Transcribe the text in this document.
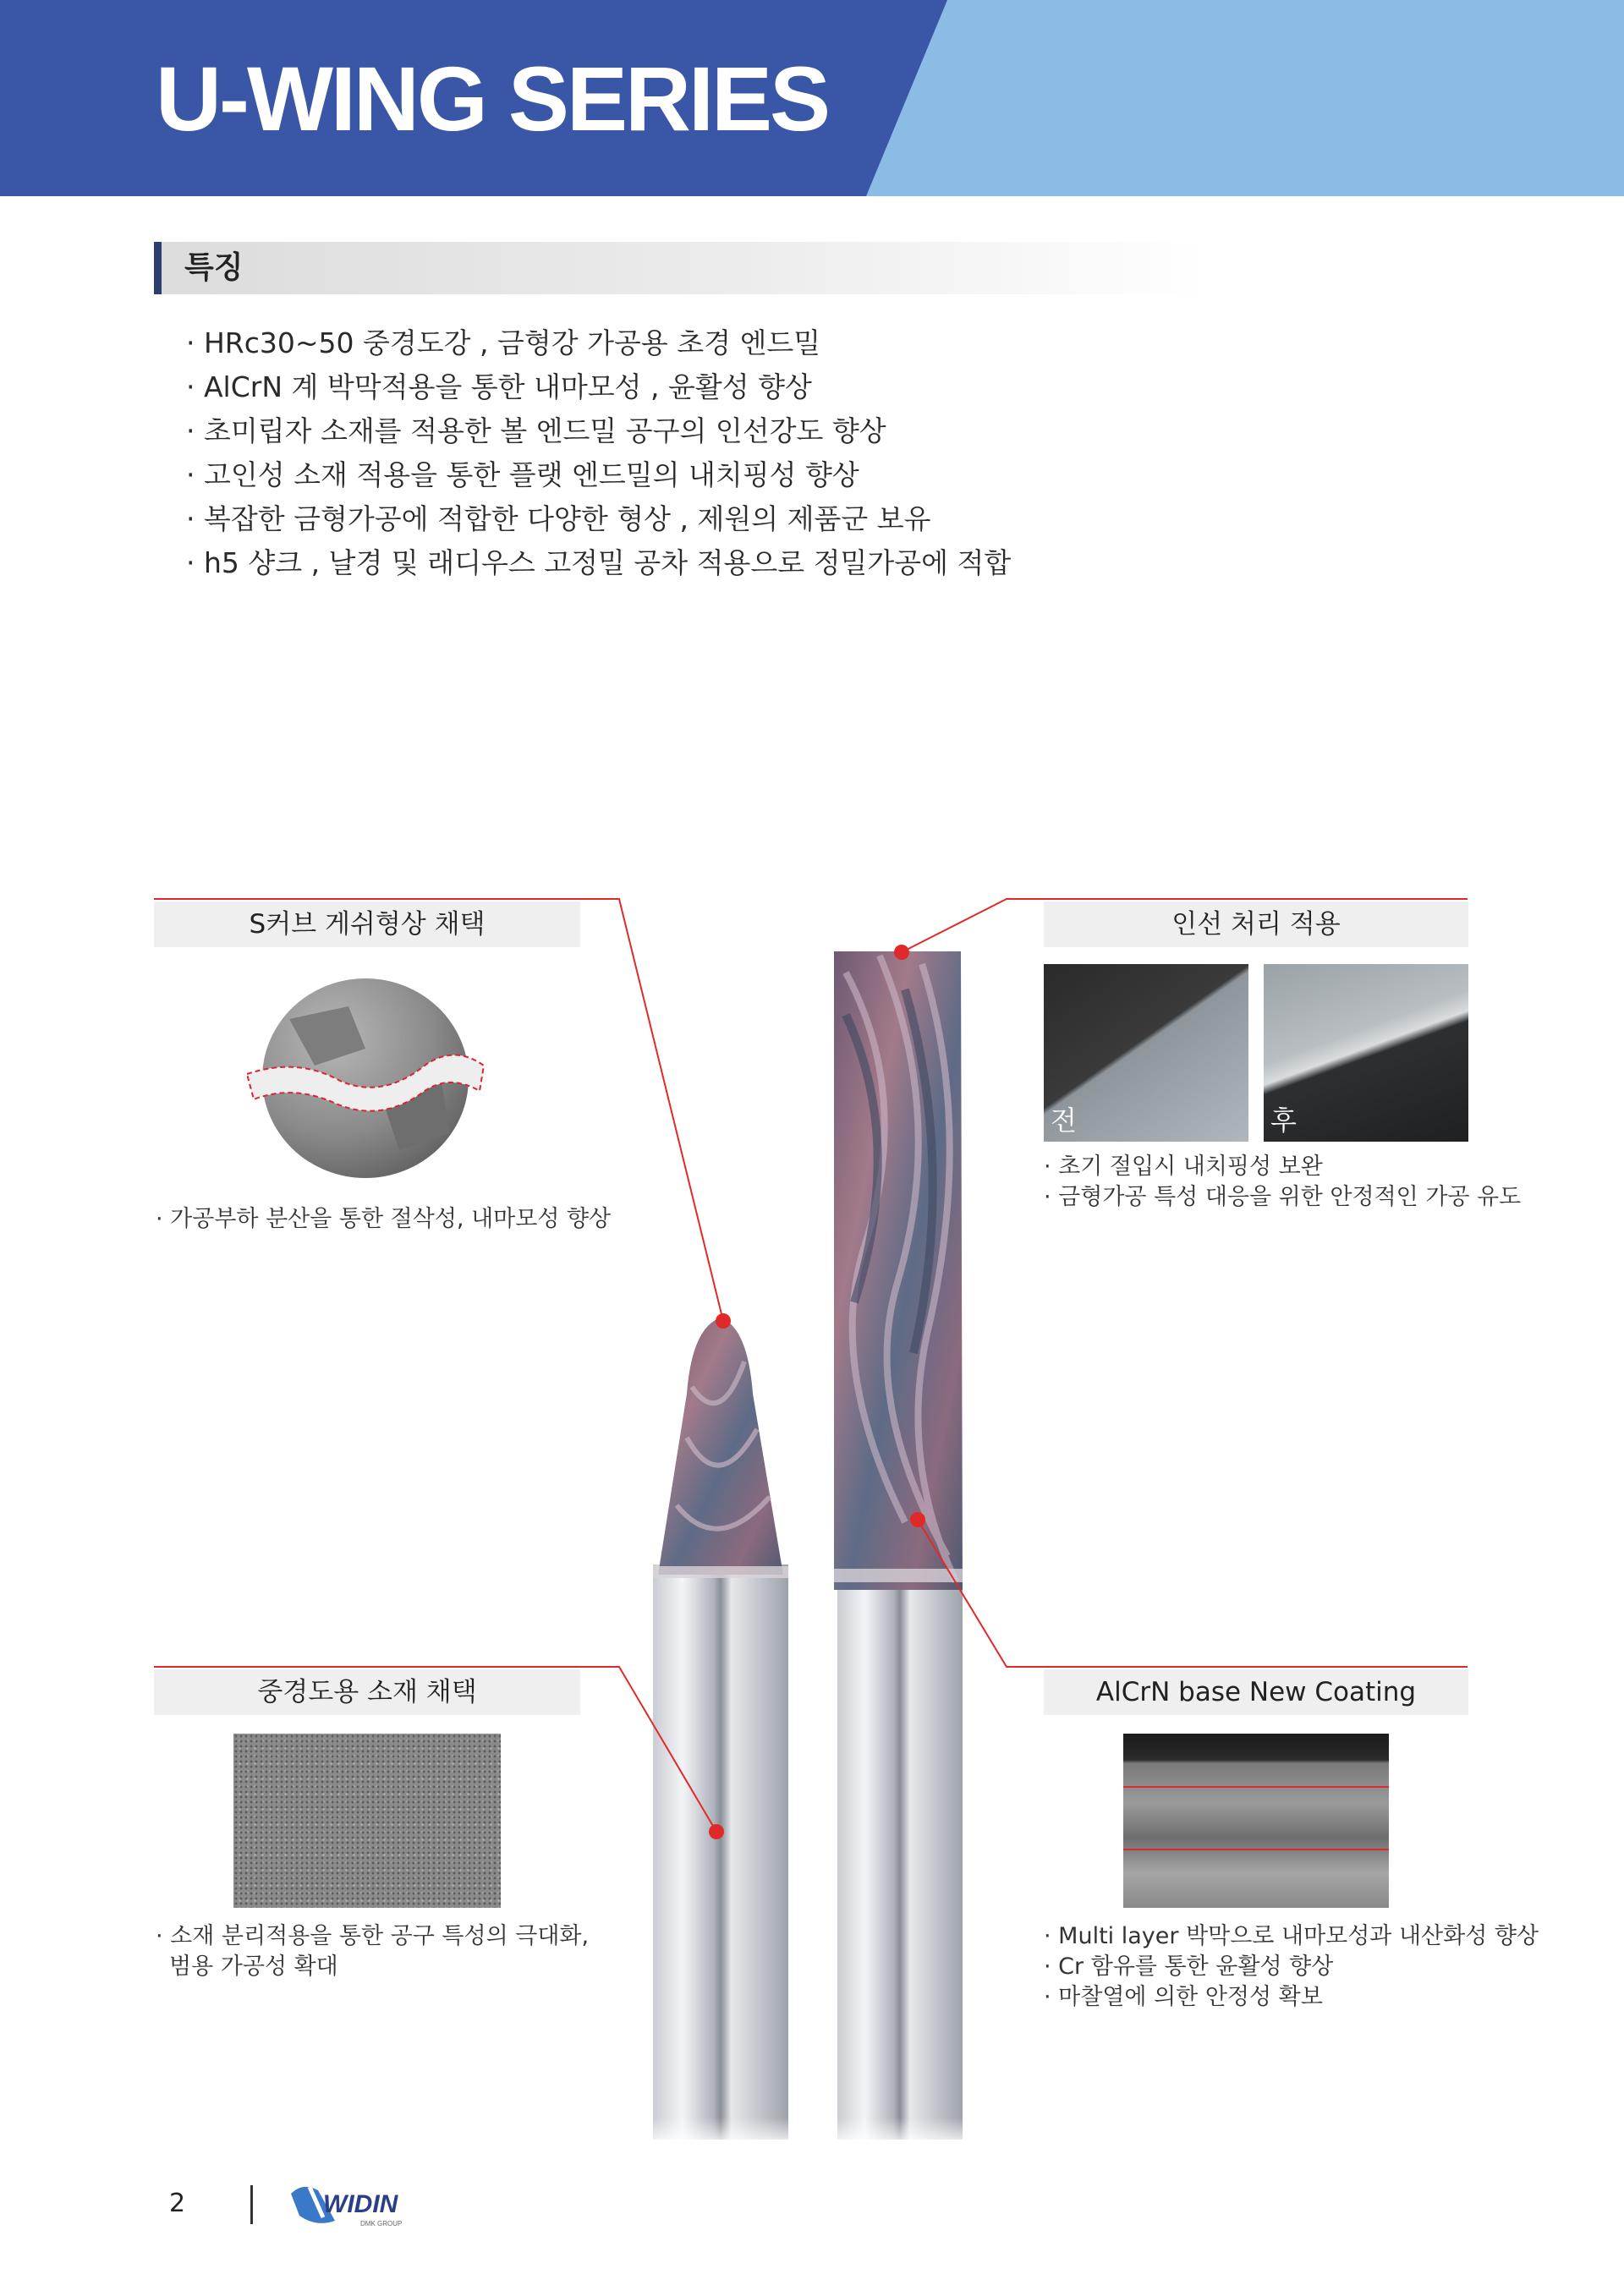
U-WING SERIES
특징
· HRc30~50 중경도강 , 금형강 가공용 초경 엔드밀
· AlCrN 계 박막적용을 통한 내마모성 , 윤활성 향상
· 초미립자 소재를 적용한 볼 엔드밀 공구의 인선강도 향상
· 고인성 소재 적용을 통한 플랫 엔드밀의 내치핑성 향상
· 복잡한 금형가공에 적합한 다양한 형상 , 제원의 제품군 보유
· h5 샹크 , 날경 및 래디우스 고정밀 공차 적용으로 정밀가공에 적합
S커브 게쉬형상 채택
· 가공부하 분산을 통한 절삭성, 내마모성 향상
인선 처리 적용
전	후
· 초기 절입시 내치핑성 보완
· 금형가공 특성 대응을 위한 안정적인 가공 유도
중경도용 소재 채택
· 소재 분리적용을 통한 공구 특성의 극대화,
범용 가공성 확대
AlCrN base New Coating
· Multi layer 박막으로 내마모성과 내산화성 향상
· Cr 함유를 통한 윤활성 향상
· 마찰열에 의한 안정성 확보
2	WIDIN
DMK GROUP
